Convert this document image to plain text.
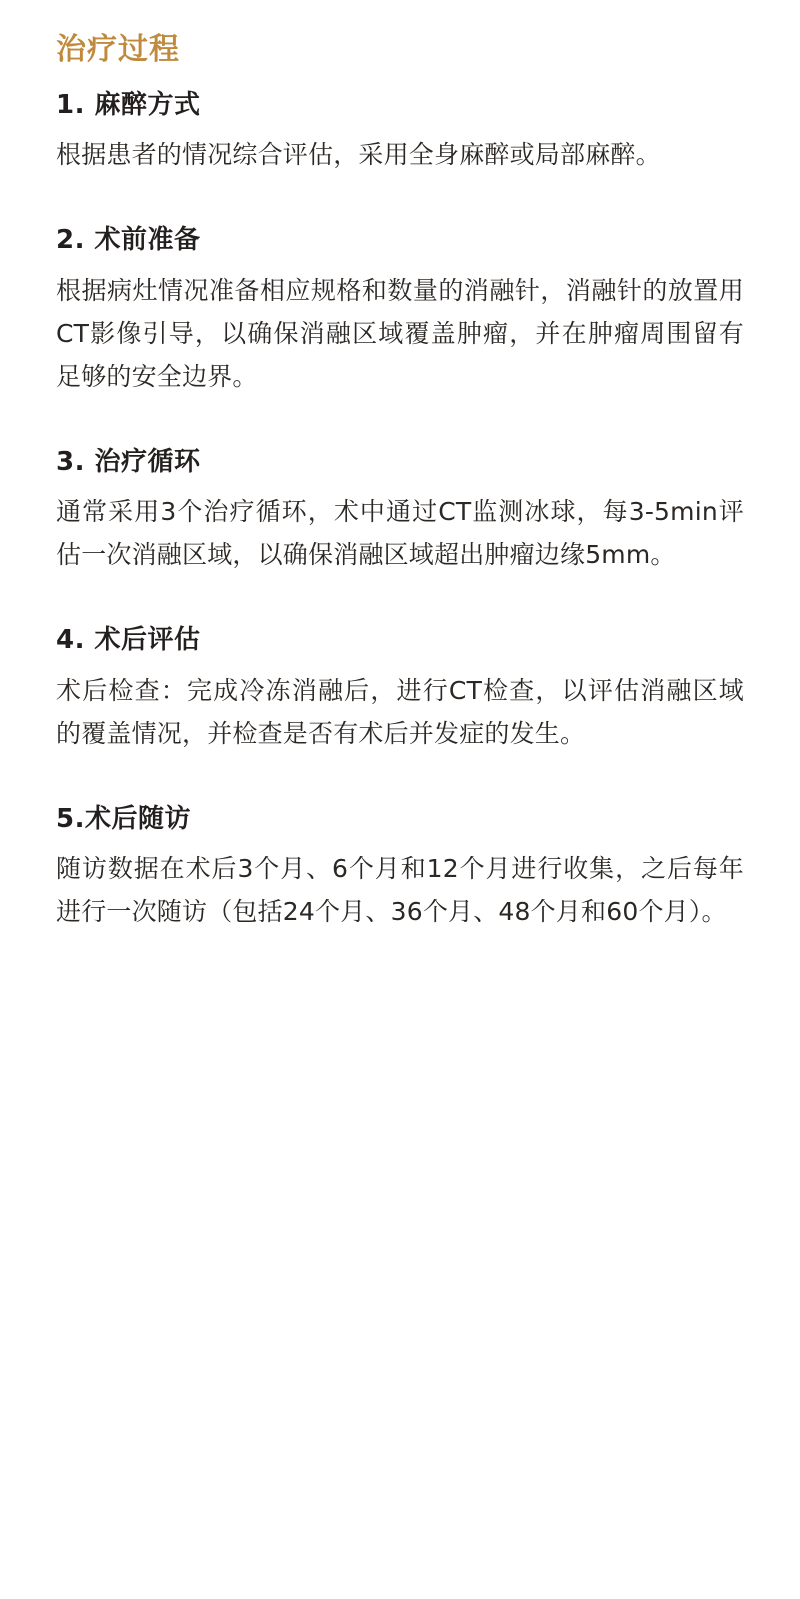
治疗过程
1. 麻醉方式

根据患者的情况综合评估，采用全身麻醉或局部麻醉。

2. 术前准备

根据病灶情况准备相应规格和数量的消融针，消融针的放置用CT影像引导，以确保消融区域覆盖肿瘤，并在肿瘤周围留有足够的安全边界。

3. 治疗循环

通常采用3个治疗循环，术中通过CT监测冰球，每3-5min评估一次消融区域，以确保消融区域超出肿瘤边缘5mm。

4. 术后评估

术后检查：完成冷冻消融后，进行CT检查，以评估消融区域的覆盖情况，并检查是否有术后并发症的发生。

5.术后随访

随访数据在术后3个月、6个月和12个月进行收集，之后每年进行一次随访（包括24个月、36个月、48个月和60个月）。
